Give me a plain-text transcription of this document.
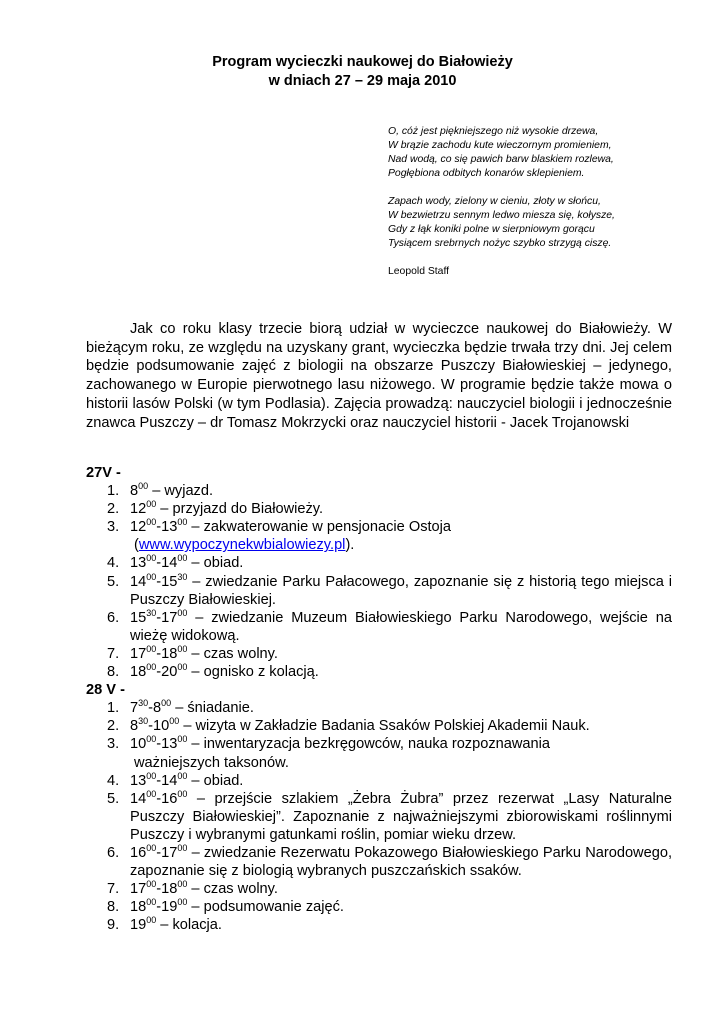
Program wycieczki naukowej do Białowieży
w dniach 27 – 29 maja 2010
O, cóż jest piękniejszego niż wysokie drzewa,
W brązie zachodu kute wieczornym promieniem,
Nad wodą, co się pawich barw blaskiem rozlewa,
Pogłębiona odbitych konarów sklepieniem.
Zapach wody, zielony w cieniu, złoty w słońcu,
W bezwietrzu sennym ledwo miesza się, kołysze,
Gdy z łąk koniki polne w sierpniowym gorącu
Tysiącem srebrnych nożyc szybko strzygą ciszę.
Leopold Staff

Jak co roku klasy trzecie biorą udział w wycieczce naukowej do Białowieży. W bieżącym roku, ze względu na uzyskany grant, wycieczka będzie trwała trzy dni. Jej celem będzie podsumowanie zajęć z biologii na obszarze Puszczy Białowieskiej – jedynego, zachowanego w Europie pierwotnego lasu niżowego. W programie będzie także mowa o historii lasów Polski (w tym Podlasia). Zajęcia prowadzą: nauczyciel biologii i jednocześnie znawca Puszczy – dr Tomasz Mokrzycki oraz nauczyciel historii - Jacek Trojanowski

27V -
1. $8^{00}$ – wyjazd.
2. $12^{00}$ – przyjazd do Białowieży.
3. $12^{00}-13^{00}$ – zakwaterowanie w pensjonacie Ostoja
(www.wypoczynekwbialowiezy.pl).
4. $13^{00}-14^{00}$ – obiad.
5. $14^{00}-15^{30}$ – zwiedzanie Parku Pałacowego, zapoznanie się z historią tego miejsca i Puszczy Białowieskiej.
6. $15^{30}-17^{00}$ – zwiedzanie Muzeum Białowieskiego Parku Narodowego, wejście na wieżę widokową.
7. $17^{00}-18^{00}$ – czas wolny.
8. $18^{00}-20^{00}$ – ognisko z kolacją.
28 V -
1. $7^{30}-8^{00}$ – śniadanie.
2. $8^{30}-10^{00}$ – wizyta w Zakładzie Badania Ssaków Polskiej Akademii Nauk.
3. $10^{00}-13^{00}$ – inwentaryzacja bezkręgowców, nauka rozpoznawania
ważniejszych taksonów.
4. $13^{00}-14^{00}$ – obiad.
5. $14^{00}-16^{00}$ – przejście szlakiem „Żebra Żubra” przez rezerwat „Lasy Naturalne Puszczy Białowieskiej”. Zapoznanie z najważniejszymi zbiorowiskami roślinnymi Puszczy i wybranymi gatunkami roślin, pomiar wieku drzew.
6. $16^{00}-17^{00}$ – zwiedzanie Rezerwatu Pokazowego Białowieskiego Parku Narodowego, zapoznanie się z biologią wybranych puszczańskich ssaków.
7. $17^{00}-18^{00}$ – czas wolny.
8. $18^{00}-19^{00}$ – podsumowanie zajęć.
9. $19^{00}$ – kolacja.
